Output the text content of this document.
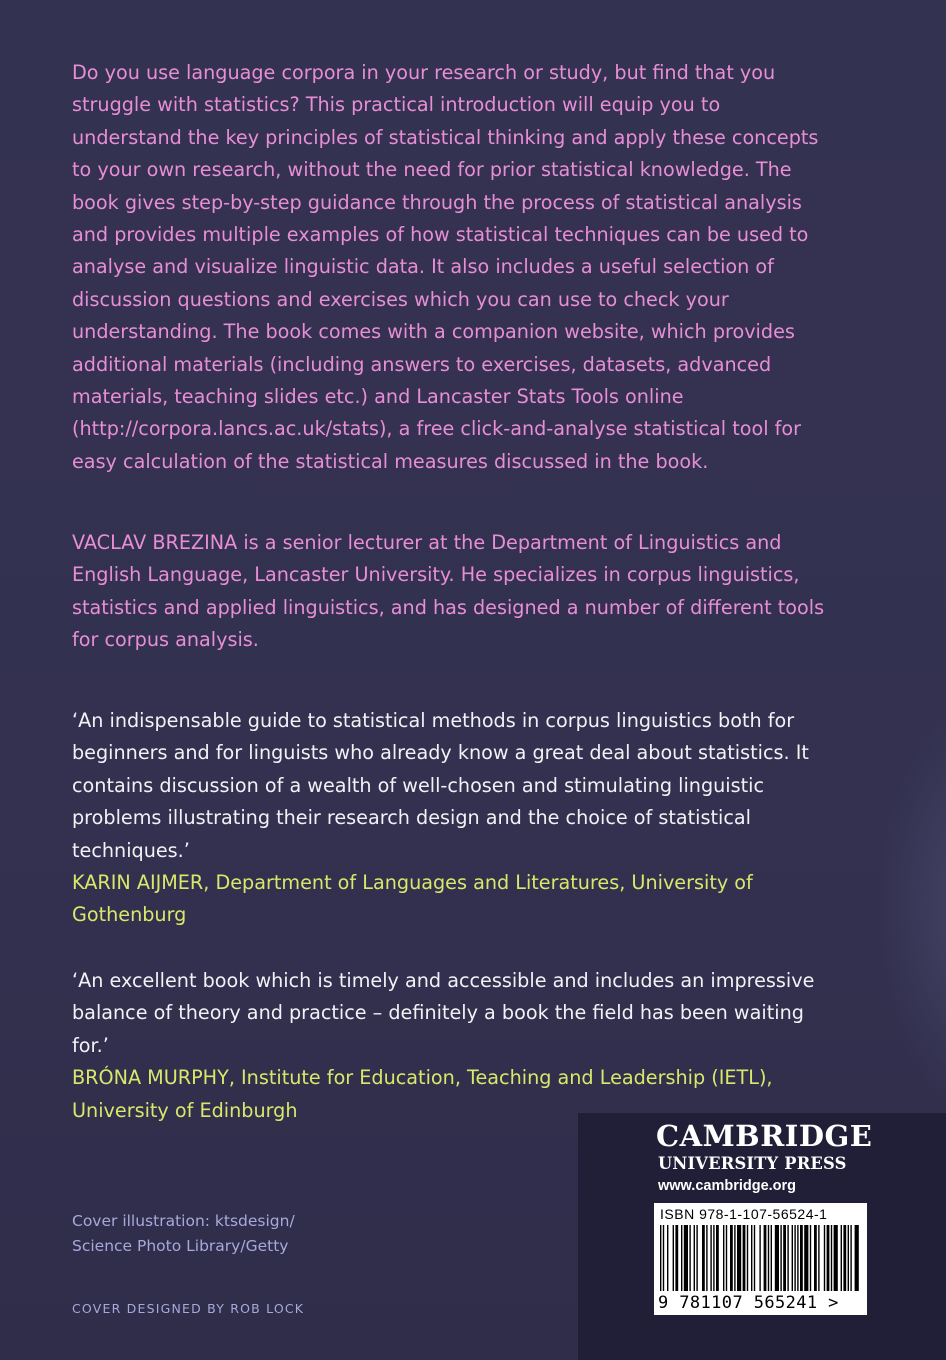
Do you use language corpora in your research or study, but find that you struggle with statistics? This practical introduction will equip you to understand the key principles of statistical thinking and apply these concepts to your own research, without the need for prior statistical knowledge. The book gives step-by-step guidance through the process of statistical analysis and provides multiple examples of how statistical techniques can be used to analyse and visualize linguistic data. It also includes a useful selection of discussion questions and exercises which you can use to check your understanding. The book comes with a companion website, which provides additional materials (including answers to exercises, datasets, advanced materials, teaching slides etc.) and Lancaster Stats Tools online (http://corpora.lancs.ac.uk/stats), a free click-and-analyse statistical tool for easy calculation of the statistical measures discussed in the book.

VACLAV BREZINA is a senior lecturer at the Department of Linguistics and English Language, Lancaster University. He specializes in corpus linguistics, statistics and applied linguistics, and has designed a number of different tools for corpus analysis.

‘An indispensable guide to statistical methods in corpus linguistics both for beginners and for linguists who already know a great deal about statistics. It contains discussion of a wealth of well-chosen and stimulating linguistic problems illustrating their research design and the choice of statistical techniques.’
KARIN AIJMER, Department of Languages and Literatures, University of Gothenburg

‘An excellent book which is timely and accessible and includes an impressive balance of theory and practice – definitely a book the field has been waiting for.’
BRÓNA MURPHY, Institute for Education, Teaching and Leadership (IETL), University of Edinburgh

Cover illustration: ktsdesign/ Science Photo Library/Getty
COVER DESIGNED BY ROB LOCK
CAMBRIDGE
UNIVERSITY PRESS
www.cambridge.org
ISBN 978-1-107-56524-1
9 781107 565241 >
